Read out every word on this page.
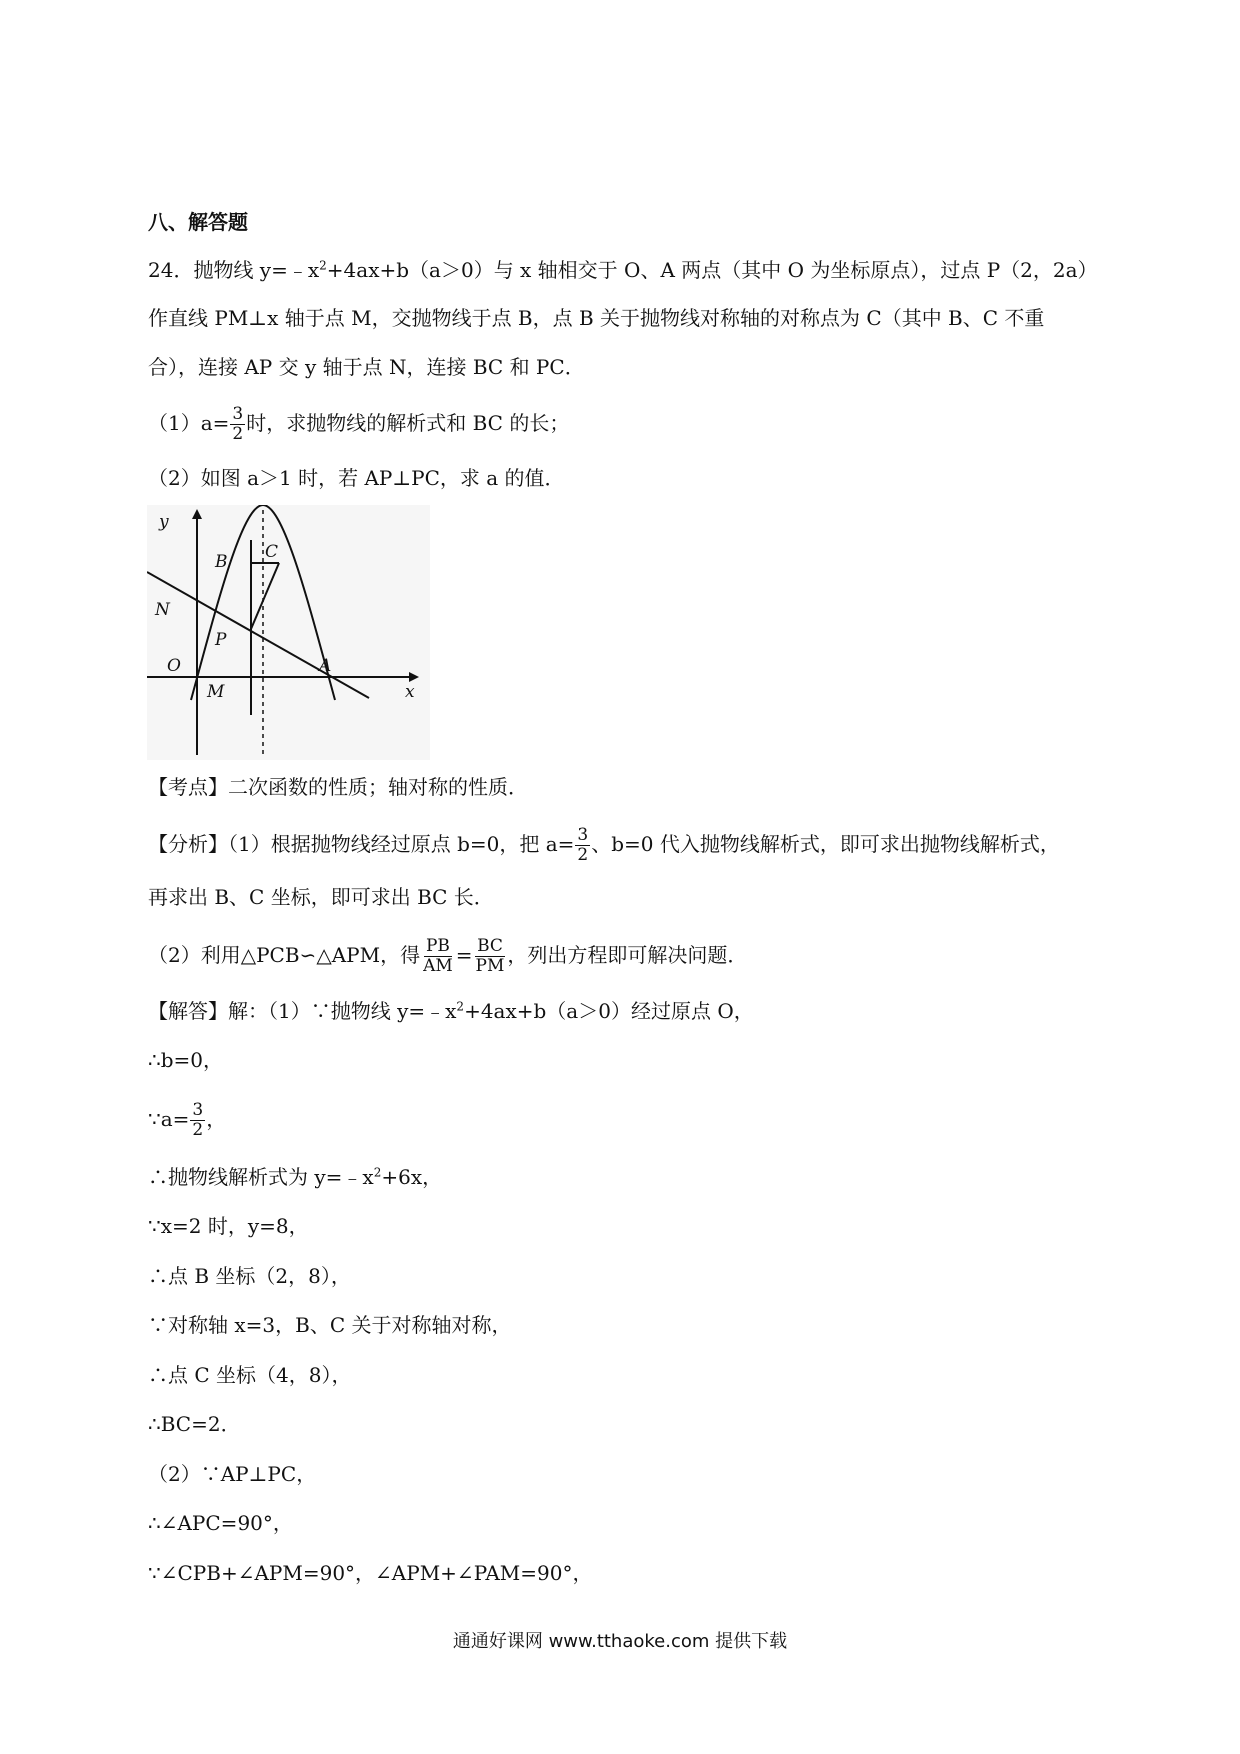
八、解答题
24．抛物线 $y=﹣x^2+4ax+b(a>0)$与 x 轴相交于 O、A 两点（其中 O 为坐标原点），过点 P（2，2a）
作直线 PM⊥x 轴于点 M，交抛物线于点 B，点 B 关于抛物线对称轴的对称点为 C（其中 B、C 不重
合），连接 AP 交 y 轴于点 N，连接 BC 和 PC．
$(1)a= \frac{3}{2}$ 时，求抛物线的解析式和 BC 的长；
（2）如图 a＞1 时，若 AP⊥PC，求 a 的值．
y
B C
N
P
O	A
x
M
【考点】二次函数的性质；轴对称的性质．
【分析】（1）根据抛物线经过原点 b=0，把 $a= \frac{3}{2}$ 、b=0 代入抛物线解析式，即可求出抛物线解析式，
再求出 B、C 坐标，即可求出 BC 长．
（2）利用△PCB∽△APM，得 $\frac{PB}{AM} = \frac{BC}{PM}$ ，列出方程即可解决问题．
【解答】解：（1）∵抛物线 $y=﹣x^2+4ax+b(a>0)$经过原点 O，
∴b=0，
∵a= $\frac{3}{2}$ ，
∴抛物线解析式为 $y=﹣x^2+6x$，
∵x=2 时，y=8，
∴点 B 坐标（2，8），
∵对称轴 x=3，B、C 关于对称轴对称，
∴点 C 坐标（4，8），
∴BC=2．
（2）∵AP⊥PC，
∴∠APC=90°，
∵∠CPB+∠APM=90°，∠APM+∠PAM=90°，
通通好课网 www.tthaoke.com 提供下载
